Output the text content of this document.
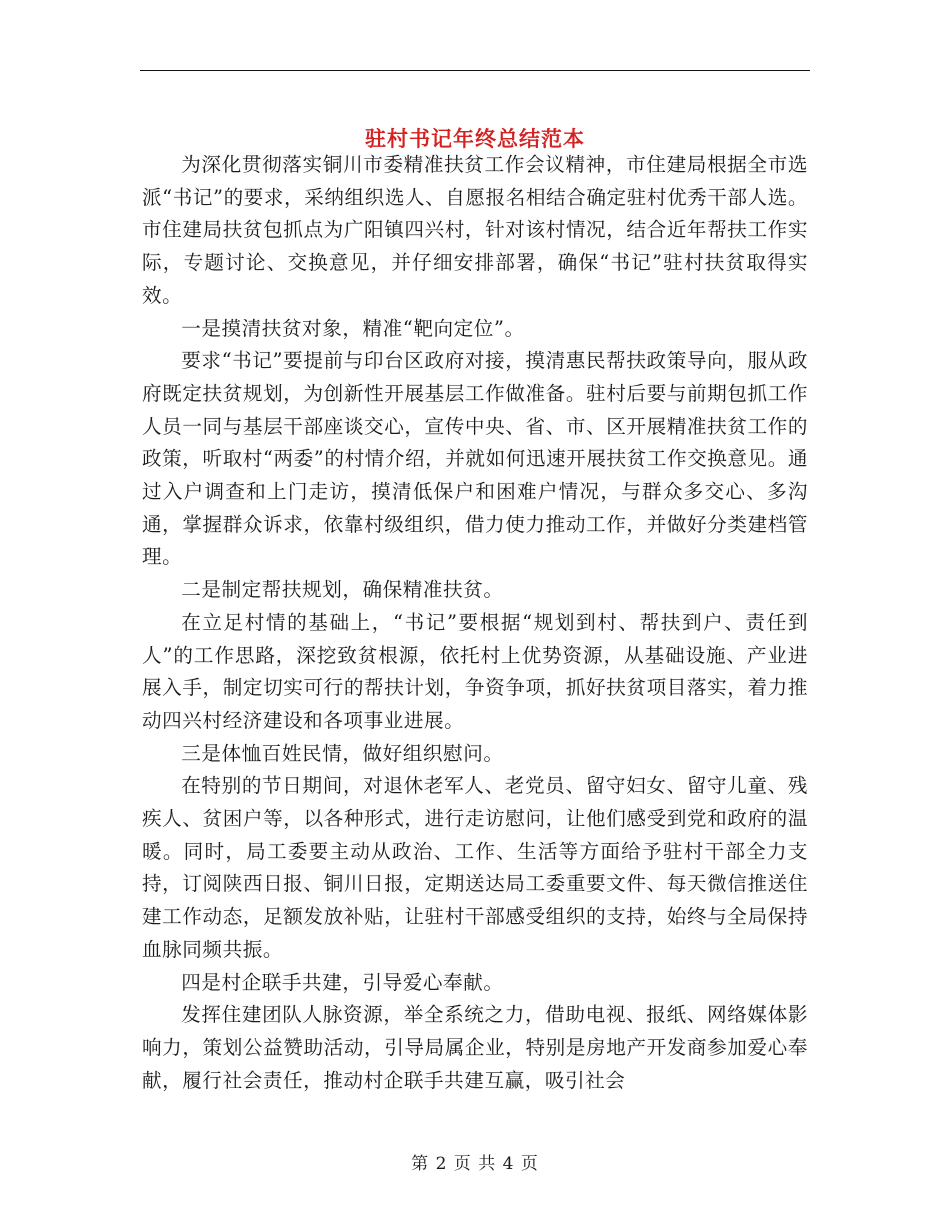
驻村书记年终总结范本

为深化贯彻落实铜川市委精准扶贫工作会议精神，市住建局根据全市选派“书记”的要求，采纳组织选人、自愿报名相结合确定驻村优秀干部人选。市住建局扶贫包抓点为广阳镇四兴村，针对该村情况，结合近年帮扶工作实际，专题讨论、交换意见，并仔细安排部署，确保“书记”驻村扶贫取得实效。

一是摸清扶贫对象，精准“靶向定位”。

要求“书记”要提前与印台区政府对接，摸清惠民帮扶政策导向，服从政府既定扶贫规划，为创新性开展基层工作做准备。驻村后要与前期包抓工作人员一同与基层干部座谈交心，宣传中央、省、市、区开展精准扶贫工作的政策，听取村“两委”的村情介绍，并就如何迅速开展扶贫工作交换意见。通过入户调查和上门走访，摸清低保户和困难户情况，与群众多交心、多沟通，掌握群众诉求，依靠村级组织，借力使力推动工作，并做好分类建档管理。

二是制定帮扶规划，确保精准扶贫。

在立足村情的基础上，“书记”要根据“规划到村、帮扶到户、责任到人”的工作思路，深挖致贫根源，依托村上优势资源，从基础设施、产业进展入手，制定切实可行的帮扶计划，争资争项，抓好扶贫项目落实，着力推动四兴村经济建设和各项事业进展。

三是体恤百姓民情，做好组织慰问。

在特别的节日期间，对退休老军人、老党员、留守妇女、留守儿童、残疾人、贫困户等，以各种形式，进行走访慰问，让他们感受到党和政府的温暖。同时，局工委要主动从政治、工作、生活等方面给予驻村干部全力支持，订阅陕西日报、铜川日报，定期送达局工委重要文件、每天微信推送住建工作动态，足额发放补贴，让驻村干部感受组织的支持，始终与全局保持血脉同频共振。

四是村企联手共建，引导爱心奉献。

发挥住建团队人脉资源，举全系统之力，借助电视、报纸、网络媒体影响力，策划公益赞助活动，引导局属企业，特别是房地产开发商参加爱心奉献，履行社会责任，推动村企联手共建互赢，吸引社会

第 2 页 共 4 页
